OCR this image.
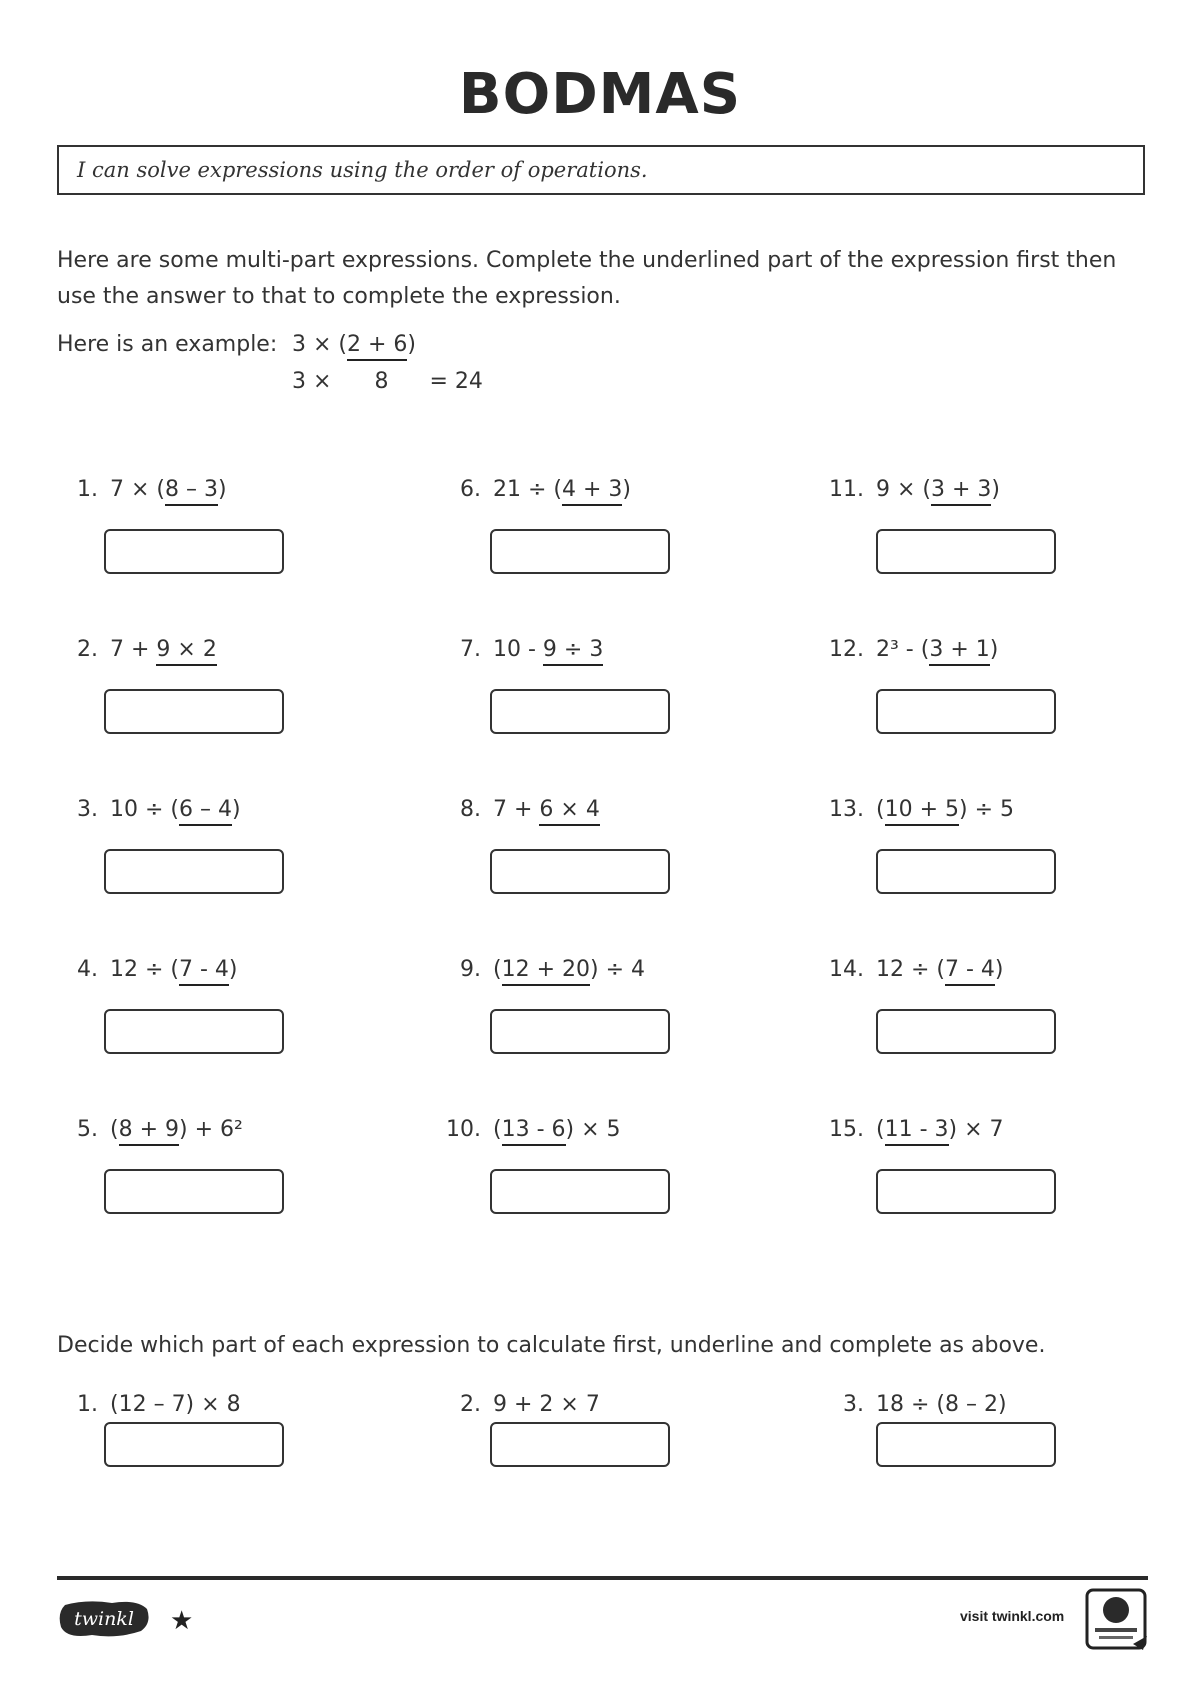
BODMAS
I can solve expressions using the order of operations.

Here are some multi-part expressions. Complete the underlined part of the expression first then use the answer to that to complete the expression.

Here is an example: 3 × (2 + 6)
3 × 8 = 24
1. 7 × (8 – 3)
2. 7 + 9 × 2
3. 10 ÷ (6 – 4)
4. 12 ÷ (7 - 4)
5. (8 + 9) + 6²
6. 21 ÷ (4 + 3)
7. 10 - 9 ÷ 3
8. 7 + 6 × 4
9. (12 + 20) ÷ 4
10. (13 - 6) × 5
11. 9 × (3 + 3)
12. 2³ - (3 + 1)
13. (10 + 5) ÷ 5
14. 12 ÷ (7 - 4)
15. (11 - 3) × 7
Decide which part of each expression to calculate first, underline and complete as above.
1. (12 – 7) × 8	2. 9 + 2 × 7	3. 18 ÷ (8 – 2)
twinkl ★	visit twinkl.com
